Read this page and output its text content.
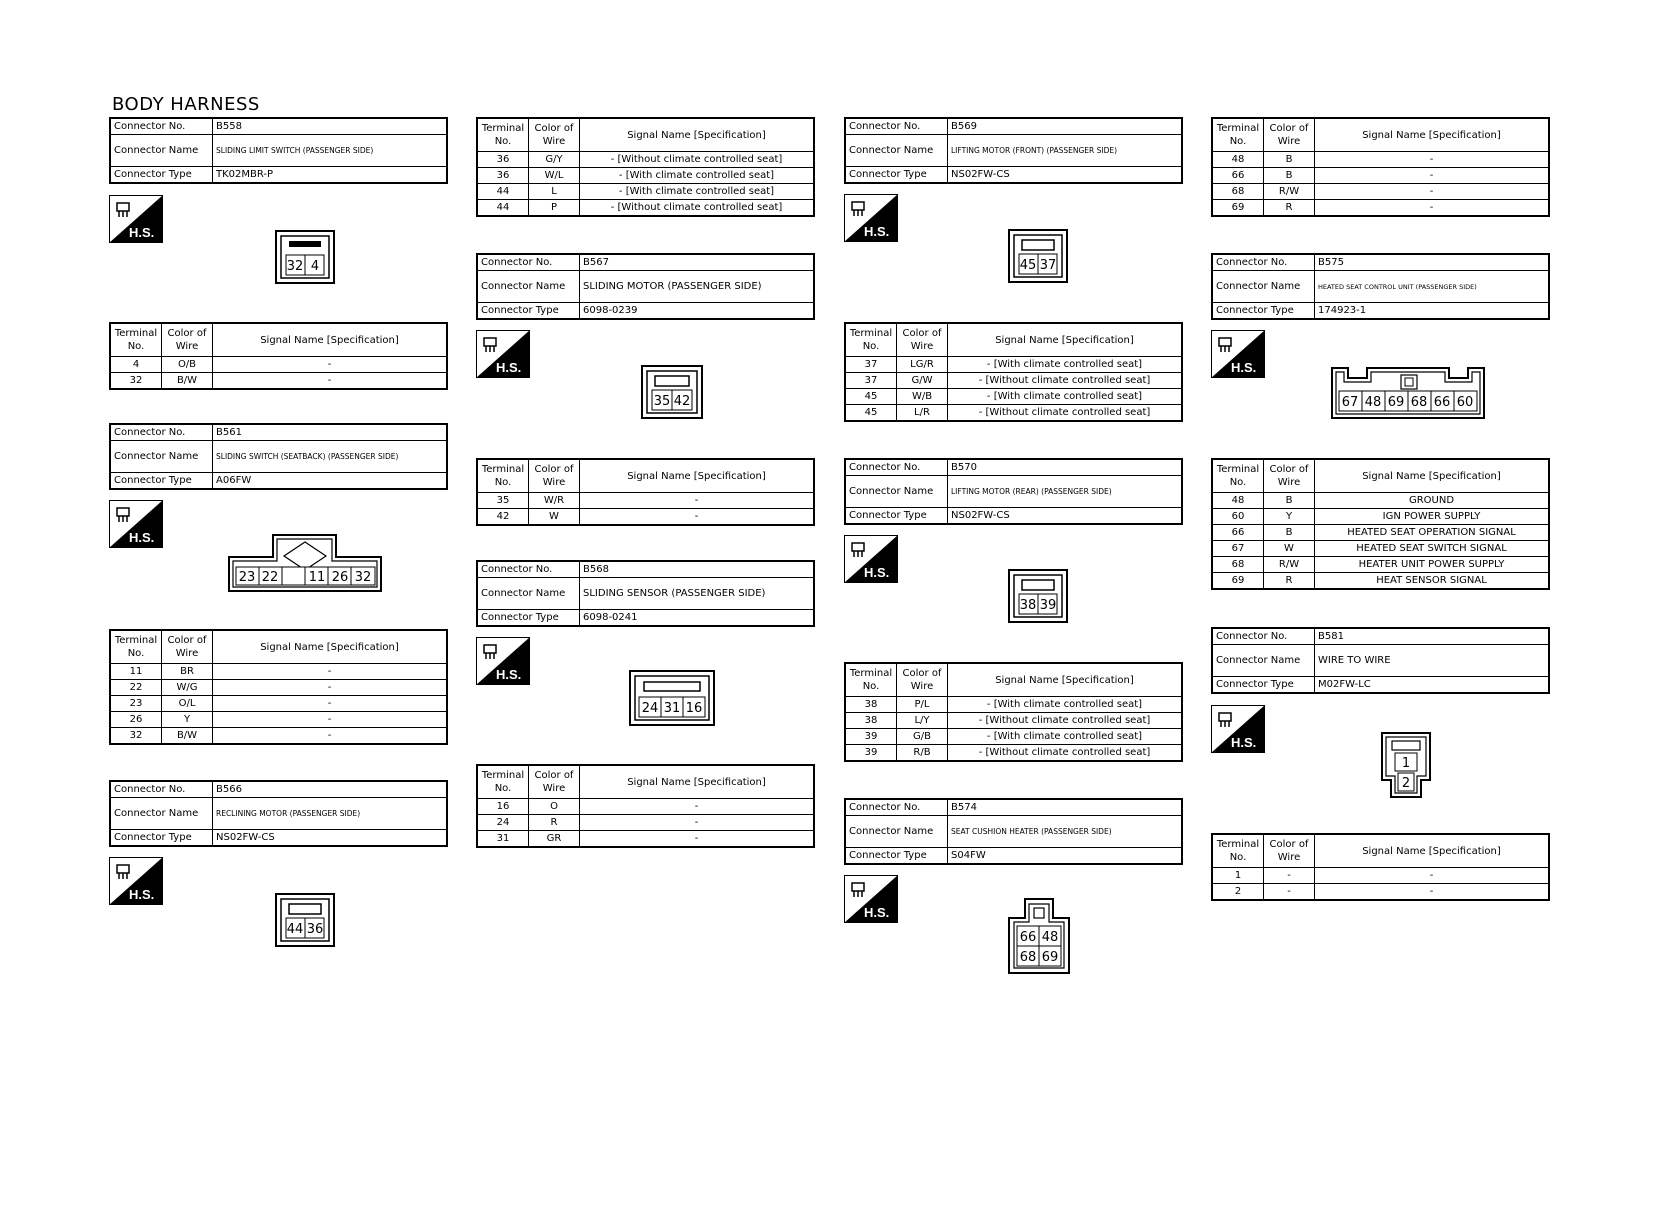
BODY HARNESS
Connector No.	B558
Connector Name	SLIDING LIMIT SWITCH (PASSENGER SIDE)
Connector Type	TK02MBR-P
H.S.
32 4
Terminal No.	Color of Wire	Signal Name [Specification]
4	O/B	-
32	B/W	-
Connector No.	B561
Connector Name	SLIDING SWITCH (SEATBACK) (PASSENGER SIDE)
Connector Type	A06FW
H.S.
23 22 11 26 32
Terminal No.	Color of Wire	Signal Name [Specification]
11	BR	-
22	W/G	-
23	O/L	-
26	Y	-
32	B/W	-
Connector No.	B566
Connector Name	RECLINING MOTOR (PASSENGER SIDE)
Connector Type	NS02FW-CS
H.S.
44 36
Terminal No.	Color of Wire	Signal Name [Specification]
36	G/Y	- [Without climate controlled seat]
36	W/L	- [With climate controlled seat]
44	L	- [With climate controlled seat]
44	P	- [Without climate controlled seat]
Connector No.	B567
Connector Name	SLIDING MOTOR (PASSENGER SIDE)
Connector Type	6098-0239
H.S.
35 42
Terminal No.	Color of Wire	Signal Name [Specification]
35	W/R	-
42	W	-
Connector No.	B568
Connector Name	SLIDING SENSOR (PASSENGER SIDE)
Connector Type	6098-0241
H.S.
24 31 16
Terminal No.	Color of Wire	Signal Name [Specification]
16	O	-
24	R	-
31	GR	-
Connector No.	B569
Connector Name	LIFTING MOTOR (FRONT) (PASSENGER SIDE)
Connector Type	NS02FW-CS
H.S.
45 37
Terminal No.	Color of Wire	Signal Name [Specification]
37	LG/R	- [With climate controlled seat]
37	G/W	- [Without climate controlled seat]
45	W/B	- [With climate controlled seat]
45	L/R	- [Without climate controlled seat]
Connector No.	B570
Connector Name	LIFTING MOTOR (REAR) (PASSENGER SIDE)
Connector Type	NS02FW-CS
H.S.
38 39
Terminal No.	Color of Wire	Signal Name [Specification]
38	P/L	- [With climate controlled seat]
38	L/Y	- [Without climate controlled seat]
39	G/B	- [With climate controlled seat]
39	R/B	- [Without climate controlled seat]
Connector No.	B574
Connector Name	SEAT CUSHION HEATER (PASSENGER SIDE)
Connector Type	S04FW
H.S.
66 48
68 69
Terminal No.	Color of Wire	Signal Name [Specification]
48	B	-
66	B	-
68	R/W	-
69	R	-
Connector No.	B575
Connector Name	HEATED SEAT CONTROL UNIT (PASSENGER SIDE)
Connector Type	174923-1
H.S.
67 48 69 68 66 60
Terminal No.	Color of Wire	Signal Name [Specification]
48	B	GROUND
60	Y	IGN POWER SUPPLY
66	B	HEATED SEAT OPERATION SIGNAL
67	W	HEATED SEAT SWITCH SIGNAL
68	R/W	HEATER UNIT POWER SUPPLY
69	R	HEAT SENSOR SIGNAL
Connector No.	B581
Connector Name	WIRE TO WIRE
Connector Type	M02FW-LC
H.S.
1
2
Terminal No.	Color of Wire	Signal Name [Specification]
1	-	-
2	-	-
